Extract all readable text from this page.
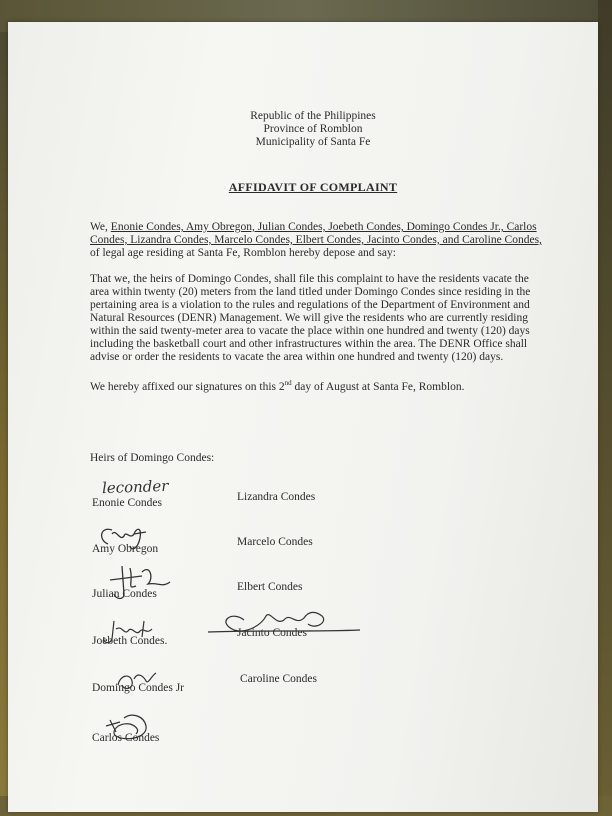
Republic of the Philippines
Province of Romblon
Municipality of Santa Fe
AFFIDAVIT OF COMPLAINT
We, Enonie Condes, Amy Obregon, Julian Condes, Joebeth Condes, Domingo Condes Jr., Carlos
Condes, Lizandra Condes, Marcelo Condes, Elbert Condes, Jacinto Condes, and Caroline Condes,
of legal age residing at Santa Fe, Romblon hereby depose and say:
That we, the heirs of Domingo Condes, shall file this complaint to have the residents vacate the
area within twenty (20) meters from the land titled under Domingo Condes since residing in the
pertaining area is a violation to the rules and regulations of the Department of Environment and
Natural Resources (DENR) Management. We will give the residents who are currently residing
within the said twenty-meter area to vacate the place within one hundred and twenty (120) days
including the basketball court and other infrastructures within the area. The DENR Office shall
advise or order the residents to vacate the area within one hundred and twenty (120) days.
We hereby affixed our signatures on this 2nd day of August at Santa Fe, Romblon.
Heirs of Domingo Condes:
Enonie Condes
Amy Obregon
Julian Condes
Joebeth Condes.
Domingo Condes Jr
Carlos Condes
Lizandra Condes
Marcelo Condes
Elbert Condes
Jacinto Condes
Caroline Condes
leconder
